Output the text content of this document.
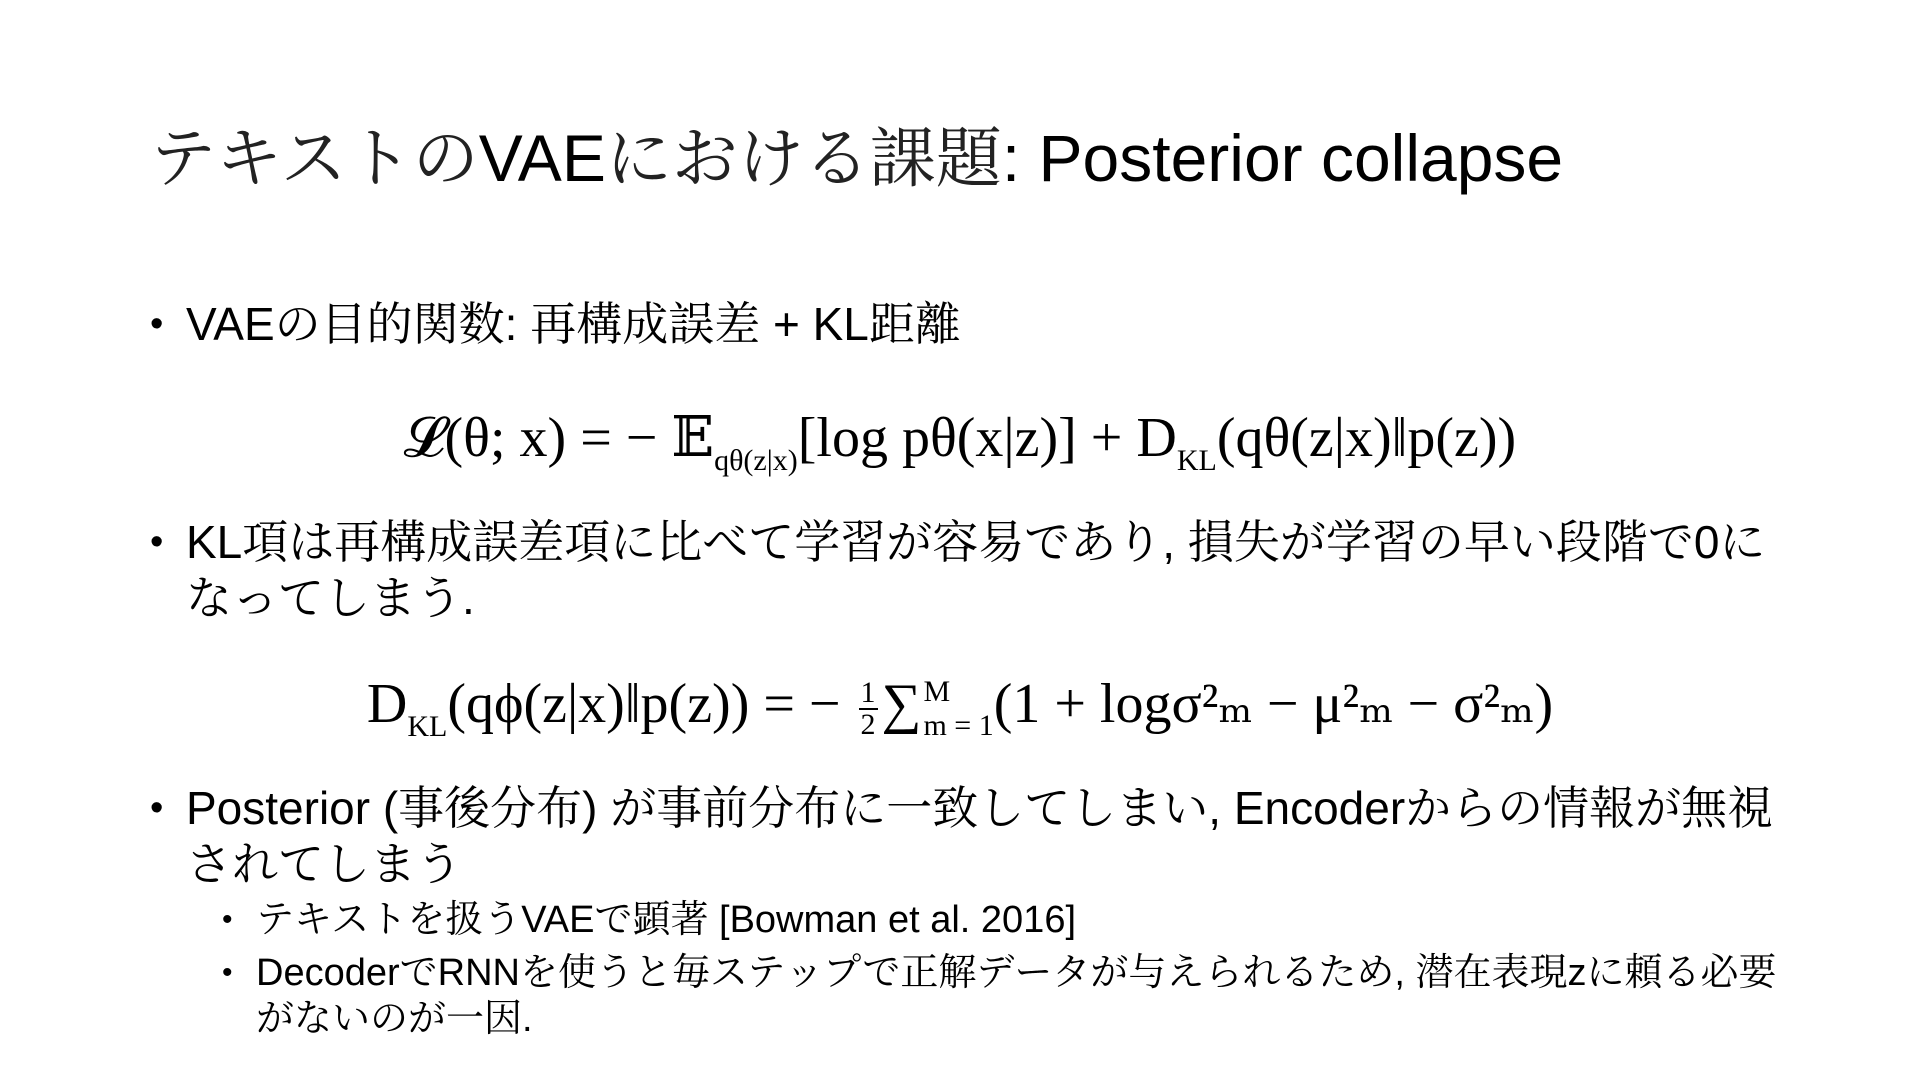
テキストのVAEにおける課題: Posterior collapse
• VAEの目的関数: 再構成誤差 + KL距離
𝓛(θ; x) = − 𝔼$_{q\theta(z|x)}$[log $p\theta(x|z)] + D_{KL}(q\theta(z|x)‖p(z))$
• KL項は再構成誤差項に比べて学習が容易であり, 損失が学習の早い段階で0になってしまう.
$D_{KL}(q\phi(z|x)‖p(z))$ = − $\frac{1}{2}$ ∑ M
m = 1 (1 + logσ²ₘ − μ²ₘ − σ²ₘ)
• Posterior (事後分布) が事前分布に一致してしまい, Encoderからの情報が無視されてしまう
• テキストを扱うVAEで顕著 [Bowman et al. 2016]
• DecoderでRNNを使うと毎ステップで正解データが与えられるため, 潜在表現zに頼る必要がないのが一因.
